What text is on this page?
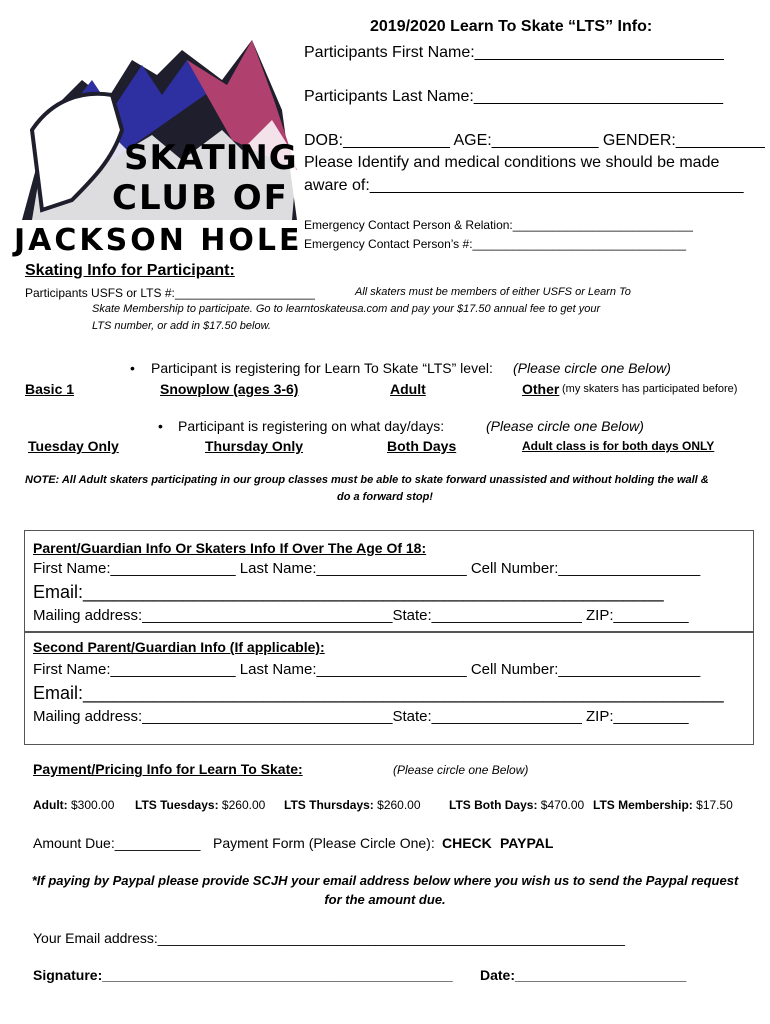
SKATING
CLUB OF
JACKSON HOLE
2019/2020 Learn To Skate “LTS” Info:
Participants First Name:____________________________
Participants Last Name:____________________________
DOB:____________ AGE:____________ GENDER:__________
Please Identify and medical conditions we should be made
aware of:__________________________________________
Emergency Contact Person & Relation:___________________________
Emergency Contact Person’s #:________________________________
Skating Info for Participant:
Participants USFS or LTS #:_____________________	All skaters must be members of either USFS or Learn To
Skate Membership to participate. Go to learntoskateusa.com and pay your $17.50 annual fee to get your
LTS number, or add in $17.50 below.
• Participant is registering for Learn To Skate “LTS” level: (Please circle one Below)
Basic 1	Snowplow (ages 3-6)	Adult	Other (my skaters has participated before)
• Participant is registering on what day/days:	(Please circle one Below)
Tuesday Only	Thursday Only	Both Days	Adult class is for both days ONLY
NOTE: All Adult skaters participating in our group classes must be able to skate forward unassisted and without holding the wall &
do a forward stop!
Parent/Guardian Info Or Skaters Info If Over The Age Of 18:
First Name:_______________ Last Name:__________________ Cell Number:_________________
Email:__________________________________________________________
Mailing address:______________________________State:__________________ ZIP:_________
Second Parent/Guardian Info (If applicable):
First Name:_______________ Last Name:__________________ Cell Number:_________________
Email:________________________________________________________________
Mailing address:______________________________State:__________________ ZIP:_________
Payment/Pricing Info for Learn To Skate:	(Please circle one Below)
Adult: $300.00 LTS Tuesdays: $260.00 LTS Thursdays: $260.00 LTS Both Days: $470.00 LTS Membership: $17.50
Amount Due:___________ Payment Form (Please Circle One): CHECK PAYPAL
*If paying by Paypal please provide SCJH your email address below where you wish us to send the Paypal request
for the amount due.
Your Email address:____________________________________________________________
Signature:_____________________________________________ Date:______________________
